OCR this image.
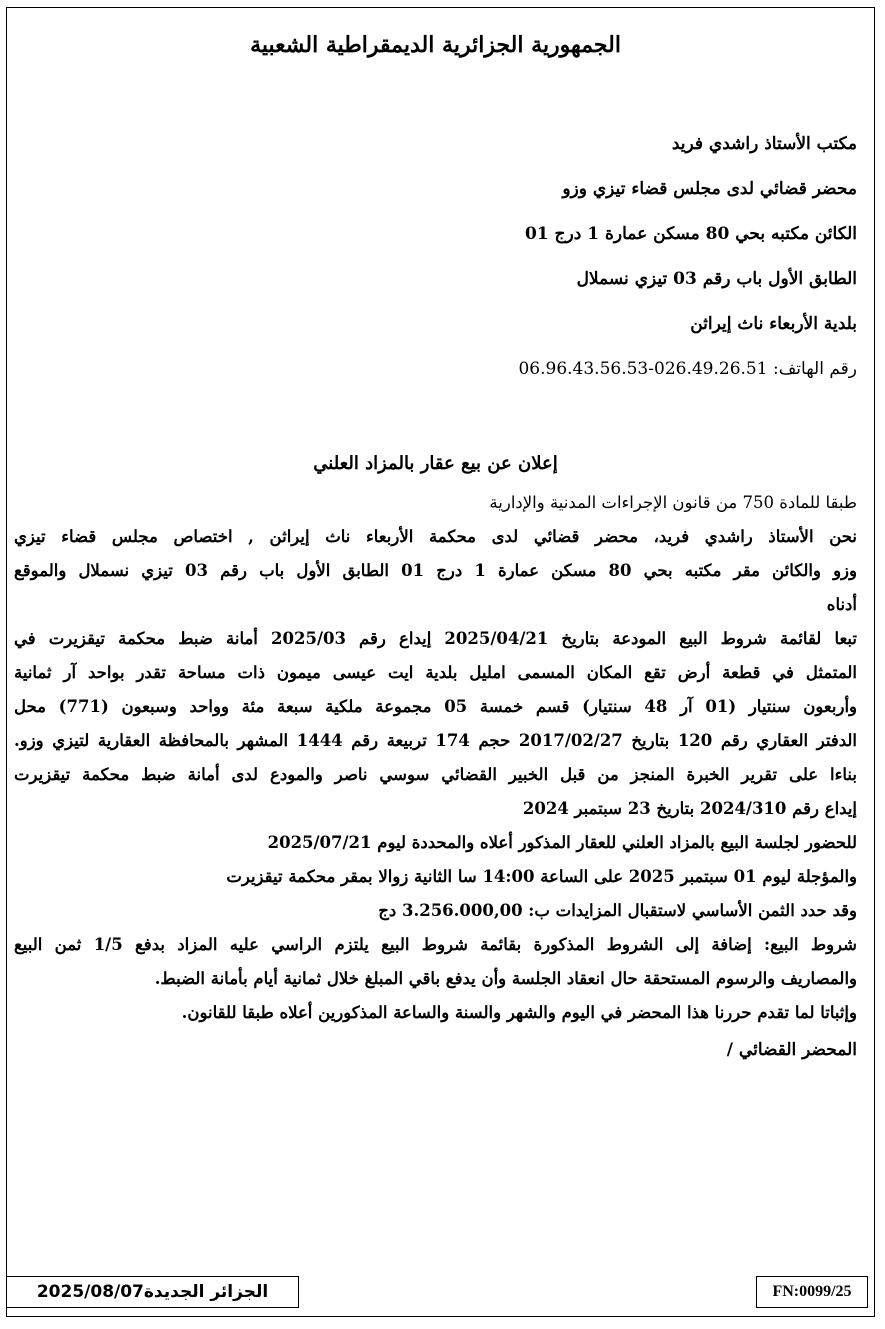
الجمهورية الجزائرية الديمقراطية الشعبية
مكتب الأستاذ راشدي فريد
محضر قضائي لدى مجلس قضاء تيزي وزو
الكائن مكتبه بحي 80 مسكن عمارة 1 درج 01
الطابق الأول باب رقم 03 تيزي نسملال
بلدية الأربعاء ناث إيراثن
رقم الهاتف: 026.49.26.51-06.96.43.56.53
إعلان عن بيع عقار بالمزاد العلني
طبقا للمادة 750 من قانون الإجراءات المدنية والإدارية
نحن الأستاذ راشدي فريد، محضر قضائي لدى محكمة الأربعاء ناث إيراثن , اختصاص مجلس قضاء تيزي
وزو والكائن مقر مكتبه بحي 80 مسكن عمارة 1 درج 01 الطابق الأول باب رقم 03 تيزي نسملال والموقع
أدناه
تبعا لقائمة شروط البيع المودعة بتاريخ 2025/04/21 إيداع رقم 2025/03 أمانة ضبط محكمة تيقزيرت في
المتمثل في قطعة أرض تقع المكان المسمى امليل بلدية ايت عيسى ميمون ذات مساحة تقدر بواحد آر ثمانية
وأربعون سنتيار (01 آر 48 سنتيار) قسم خمسة 05 مجموعة ملكية سبعة مئة وواحد وسبعون (771) محل
الدفتر العقاري رقم 120 بتاريخ 2017/02/27 حجم 174 تربيعة رقم 1444 المشهر بالمحافظة العقارية لتيزي وزو.
بناءا على تقرير الخبرة المنجز من قبل الخبير القضائي سوسي ناصر والمودع لدى أمانة ضبط محكمة تيقزيرت
إيداع رقم 2024/310 بتاريخ 23 سبتمبر 2024
للحضور لجلسة البيع بالمزاد العلني للعقار المذكور أعلاه والمحددة ليوم 2025/07/21
والمؤجلة ليوم 01 سبتمبر 2025 على الساعة 14:00 سا الثانية زوالا بمقر محكمة تيقزيرت
وقد حدد الثمن الأساسي لاستقبال المزايدات ب: 3.256.000,00 دج
شروط البيع: إضافة إلى الشروط المذكورة بقائمة شروط البيع يلتزم الراسي عليه المزاد بدفع 1/5 ثمن البيع
والمصاريف والرسوم المستحقة حال انعقاد الجلسة وأن يدفع باقي المبلغ خلال ثمانية أيام بأمانة الضبط.
وإثباتا لما تقدم حررنا هذا المحضر في اليوم والشهر والسنة والساعة المذكورين أعلاه طبقا للقانون.
المحضر القضائي /
الجزائر الجديدة2025/08/07	FN:0099/25
